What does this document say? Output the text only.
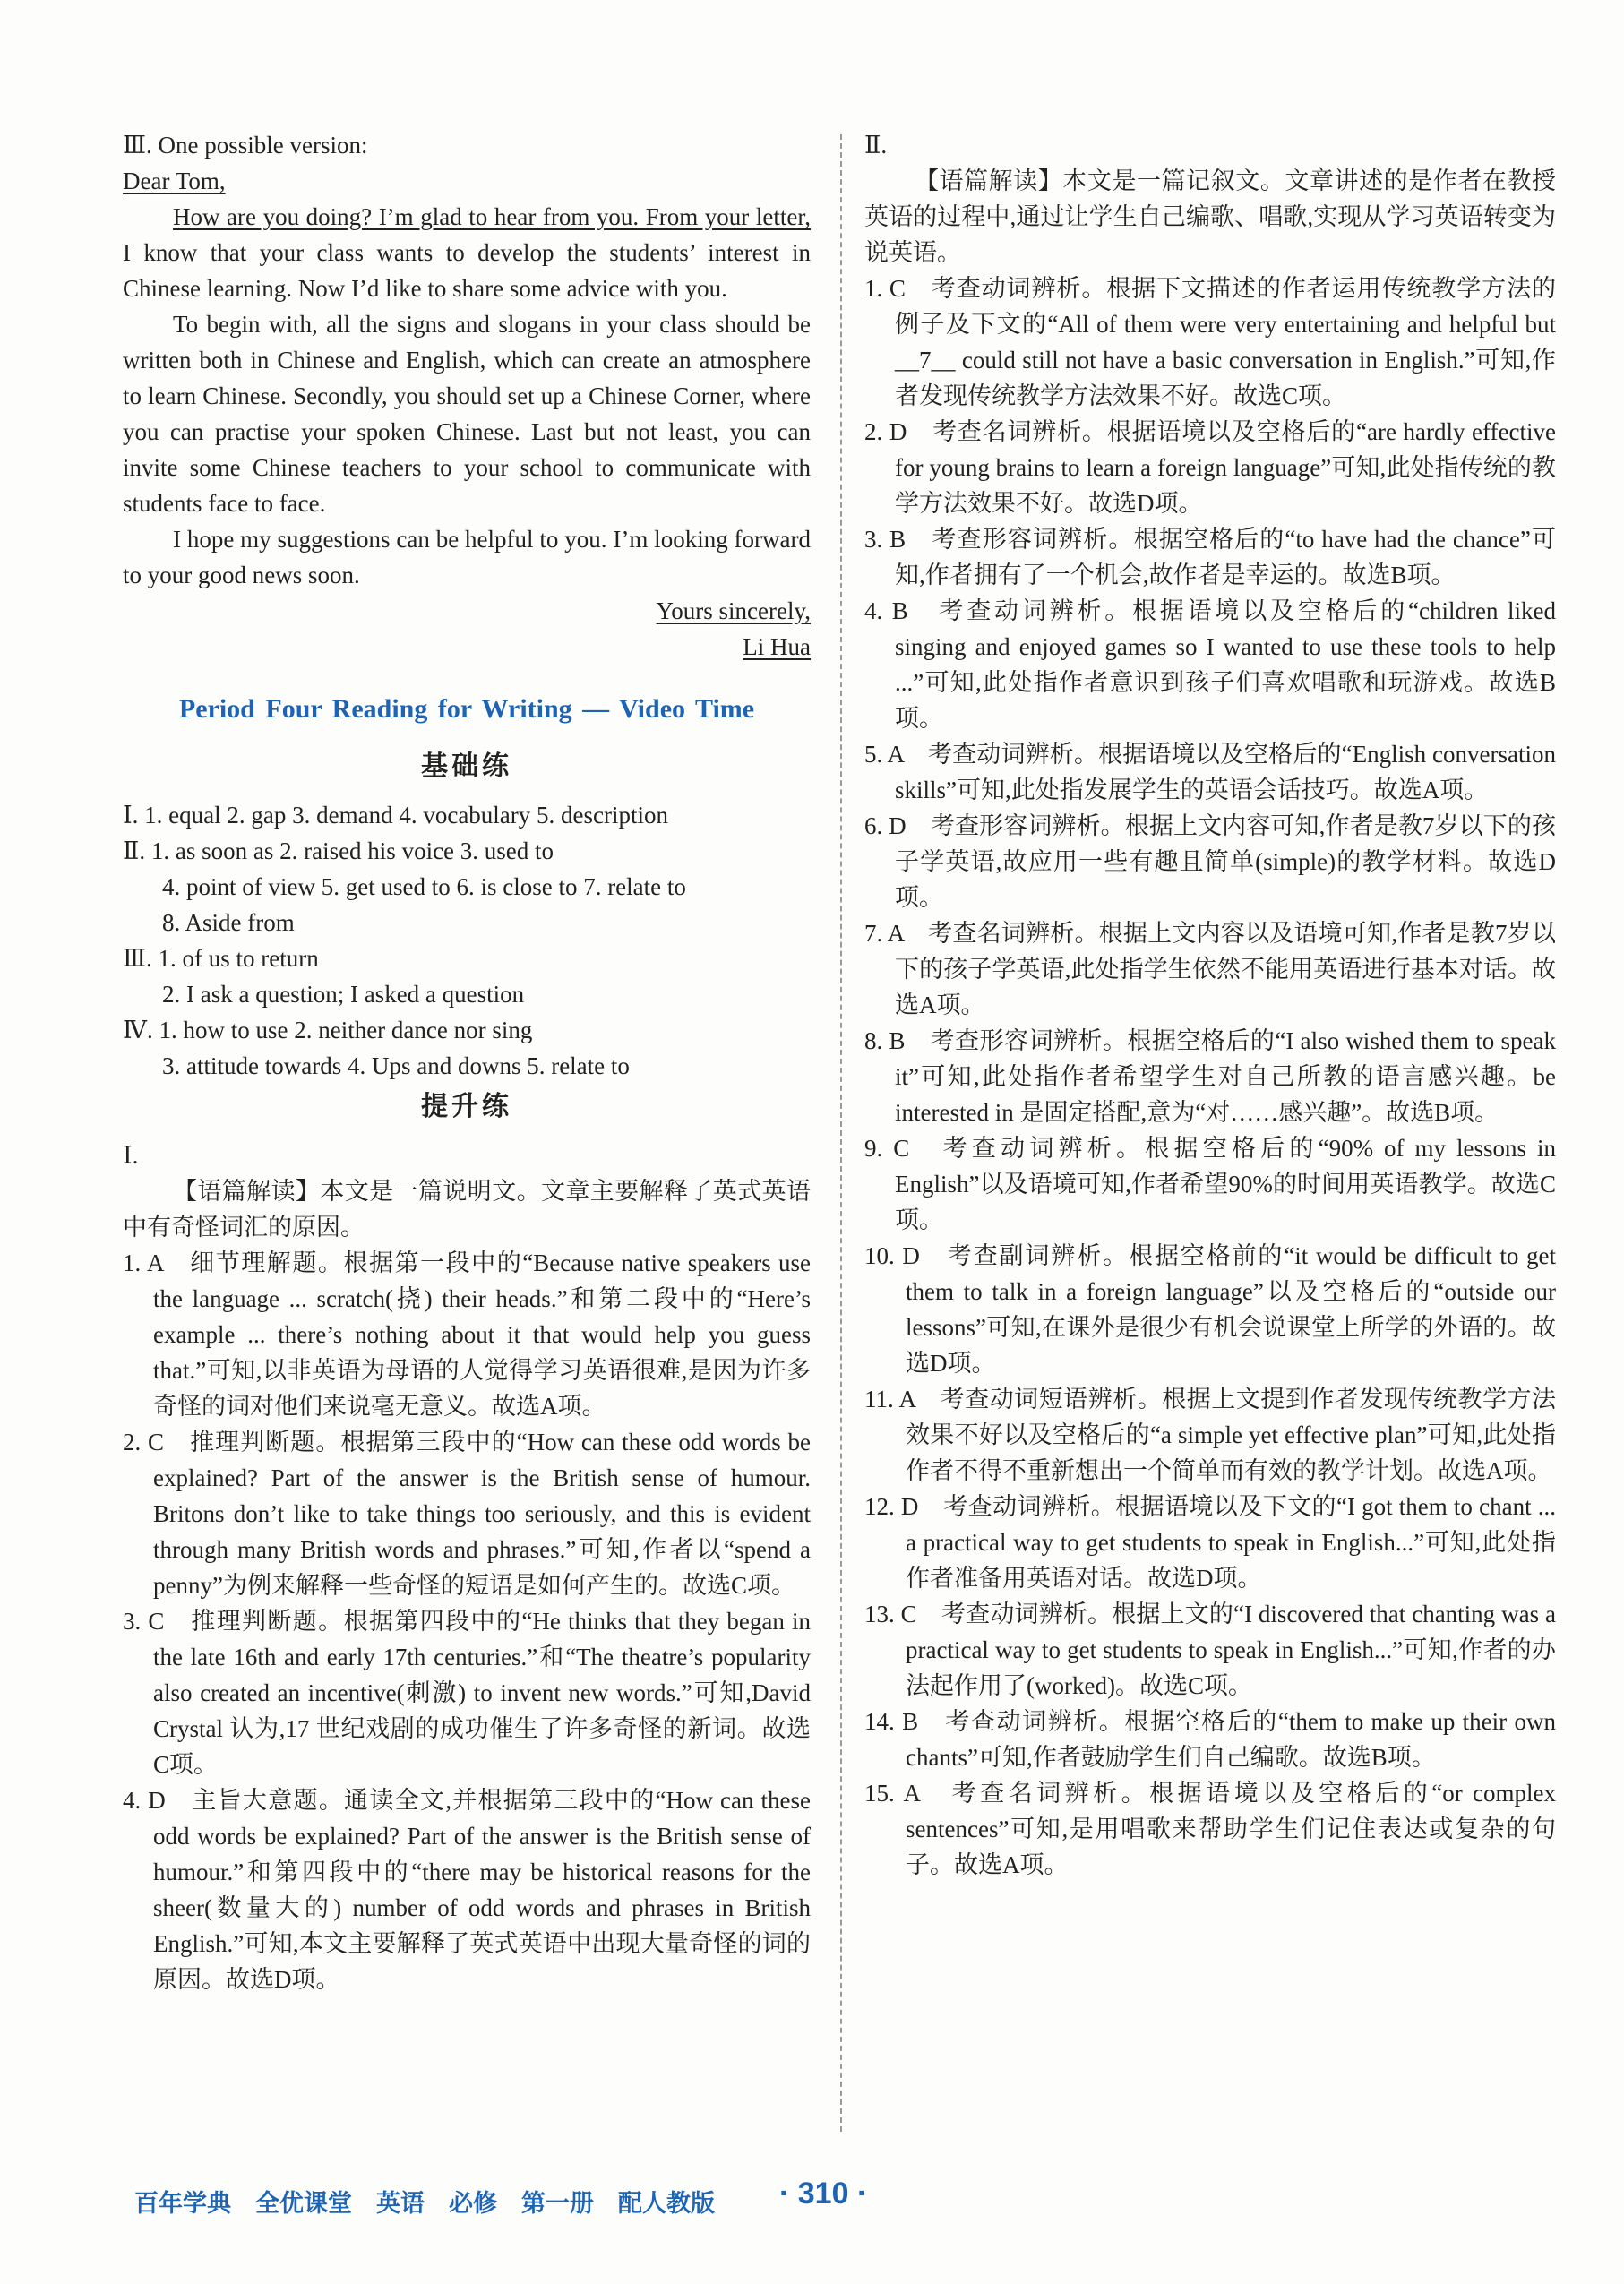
Ⅲ. One possible version:

Dear Tom,

How are you doing? I’m glad to hear from you. From your letter, I know that your class wants to develop the students’ interest in Chinese learning. Now I’d like to share some advice with you.

To begin with, all the signs and slogans in your class should be written both in Chinese and English, which can create an atmosphere to learn Chinese. Secondly, you should set up a Chinese Corner, where you can practise your spoken Chinese. Last but not least, you can invite some Chinese teachers to your school to communicate with students face to face.

I hope my suggestions can be helpful to you. I’m looking forward to your good news soon.

Yours sincerely,

Li Hua

Period Four Reading for Writing — Video Time

基础练

Ⅰ. 1. equal 2. gap 3. demand 4. vocabulary 5. description

Ⅱ. 1. as soon as 2. raised his voice 3. used to

4. point of view 5. get used to 6. is close to 7. relate to

8. Aside from

Ⅲ. 1. of us to return

2. I ask a question; I asked a question

Ⅳ. 1. how to use 2. neither dance nor sing

3. attitude towards 4. Ups and downs 5. relate to

提升练

Ⅰ.

【语篇解读】本文是一篇说明文。文章主要解释了英式英语中有奇怪词汇的原因。

1. A　细节理解题。根据第一段中的“Because native speakers use the language ... scratch(挠) their heads.”和第二段中的“Here’s example ... there’s nothing about it that would help you guess that.”可知,以非英语为母语的人觉得学习英语很难,是因为许多奇怪的词对他们来说毫无意义。故选A项。

2. C　推理判断题。根据第三段中的“How can these odd words be explained? Part of the answer is the British sense of humour. Britons don’t like to take things too seriously, and this is evident through many British words and phrases.”可知,作者以“spend a penny”为例来解释一些奇怪的短语是如何产生的。故选C项。

3. C　推理判断题。根据第四段中的“He thinks that they began in the late 16th and early 17th centuries.”和“The theatre’s popularity also created an incentive(刺激) to invent new words.”可知,David Crystal 认为,17 世纪戏剧的成功催生了许多奇怪的新词。故选C项。

4. D　主旨大意题。通读全文,并根据第三段中的“How can these odd words be explained? Part of the answer is the British sense of humour.”和第四段中的“there may be historical reasons for the sheer(数量大的) number of odd words and phrases in British English.”可知,本文主要解释了英式英语中出现大量奇怪的词的原因。故选D项。

Ⅱ.

【语篇解读】本文是一篇记叙文。文章讲述的是作者在教授英语的过程中,通过让学生自己编歌、唱歌,实现从学习英语转变为说英语。

1. C　考查动词辨析。根据下文描述的作者运用传统教学方法的例子及下文的“All of them were very entertaining and helpful but __7__ could still not have a basic conversation in English.”可知,作者发现传统教学方法效果不好。故选C项。

2. D　考查名词辨析。根据语境以及空格后的“are hardly effective for young brains to learn a foreign language”可知,此处指传统的教学方法效果不好。故选D项。

3. B　考查形容词辨析。根据空格后的“to have had the chance”可知,作者拥有了一个机会,故作者是幸运的。故选B项。

4. B　考查动词辨析。根据语境以及空格后的“children liked singing and enjoyed games so I wanted to use these tools to help ...”可知,此处指作者意识到孩子们喜欢唱歌和玩游戏。故选B项。

5. A　考查动词辨析。根据语境以及空格后的“English conversation skills”可知,此处指发展学生的英语会话技巧。故选A项。

6. D　考查形容词辨析。根据上文内容可知,作者是教7岁以下的孩子学英语,故应用一些有趣且简单(simple)的教学材料。故选D项。

7. A　考查名词辨析。根据上文内容以及语境可知,作者是教7岁以下的孩子学英语,此处指学生依然不能用英语进行基本对话。故选A项。

8. B　考查形容词辨析。根据空格后的“I also wished them to speak it”可知,此处指作者希望学生对自己所教的语言感兴趣。be interested in 是固定搭配,意为“对……感兴趣”。故选B项。

9. C　考查动词辨析。根据空格后的“90% of my lessons in English”以及语境可知,作者希望90%的时间用英语教学。故选C项。

10. D　考查副词辨析。根据空格前的“it would be difficult to get them to talk in a foreign language”以及空格后的“outside our lessons”可知,在课外是很少有机会说课堂上所学的外语的。故选D项。

11. A　考查动词短语辨析。根据上文提到作者发现传统教学方法效果不好以及空格后的“a simple yet effective plan”可知,此处指作者不得不重新想出一个简单而有效的教学计划。故选A项。

12. D　考查动词辨析。根据语境以及下文的“I got them to chant ... a practical way to get students to speak in English...”可知,此处指作者准备用英语对话。故选D项。

13. C　考查动词辨析。根据上文的“I discovered that chanting was a practical way to get students to speak in English...”可知,作者的办法起作用了(worked)。故选C项。

14. B　考查动词辨析。根据空格后的“them to make up their own chants”可知,作者鼓励学生们自己编歌。故选B项。

15. A　考查名词辨析。根据语境以及空格后的“or complex sentences”可知,是用唱歌来帮助学生们记住表达或复杂的句子。故选A项。

百年学典　全优课堂　英语　必修　第一册　配人教版 · 310 ·
